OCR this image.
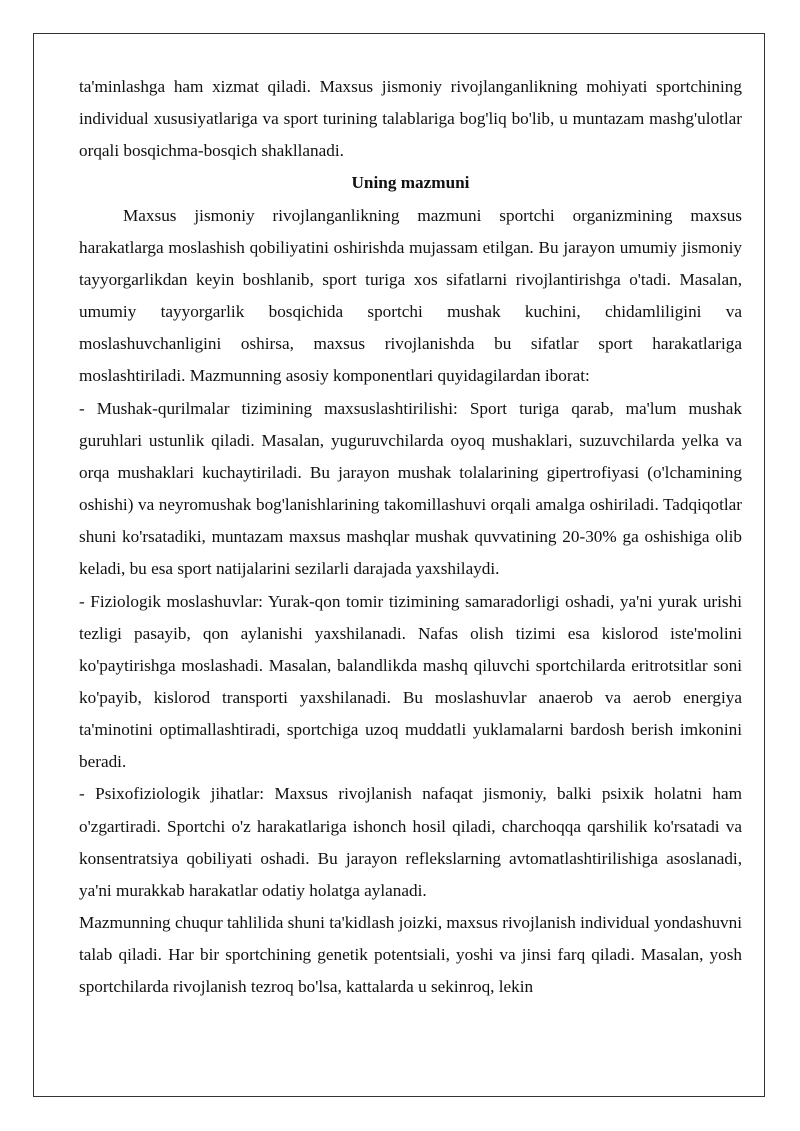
ta'minlashga ham xizmat qiladi. Maxsus jismoniy rivojlanganlikning mohiyati sportchining individual xususiyatlariga va sport turining talablariga bog'liq bo'lib, u muntazam mashg'ulotlar orqali bosqichma-bosqich shakllanadi.

Uning mazmuni

Maxsus jismoniy rivojlanganlikning mazmuni sportchi organizmining maxsus harakatlarga moslashish qobiliyatini oshirishda mujassam etilgan. Bu jarayon umumiy jismoniy tayyorgarlikdan keyin boshlanib, sport turiga xos sifatlarni rivojlantirishga o'tadi. Masalan, umumiy tayyorgarlik bosqichida sportchi mushak kuchini, chidamliligini va moslashuvchanligini oshirsa, maxsus rivojlanishda bu sifatlar sport harakatlariga moslashtiriladi. Mazmunning asosiy komponentlari quyidagilardan iborat:

- Mushak-qurilmalar tizimining maxsuslashtirilishi: Sport turiga qarab, ma'lum mushak guruhlari ustunlik qiladi. Masalan, yuguruvchilarda oyoq mushaklari, suzuvchilarda yelka va orqa mushaklari kuchaytiriladi. Bu jarayon mushak tolalarining gipertrofiyasi (o'lchamining oshishi) va neyromushak bog'lanishlarining takomillashuvi orqali amalga oshiriladi. Tadqiqotlar shuni ko'rsatadiki, muntazam maxsus mashqlar mushak quvvatining 20-30% ga oshishiga olib keladi, bu esa sport natijalarini sezilarli darajada yaxshilaydi.

- Fiziologik moslashuvlar: Yurak-qon tomir tizimining samaradorligi oshadi, ya'ni yurak urishi tezligi pasayib, qon aylanishi yaxshilanadi. Nafas olish tizimi esa kislorod iste'molini ko'paytirishga moslashadi. Masalan, balandlikda mashq qiluvchi sportchilarda eritrotsitlar soni ko'payib, kislorod transporti yaxshilanadi. Bu moslashuvlar anaerob va aerob energiya ta'minotini optimallashtiradi, sportchiga uzoq muddatli yuklamalarni bardosh berish imkonini beradi.

- Psixofiziologik jihatlar: Maxsus rivojlanish nafaqat jismoniy, balki psixik holatni ham o'zgartiradi. Sportchi o'z harakatlariga ishonch hosil qiladi, charchoqqa qarshilik ko'rsatadi va konsentratsiya qobiliyati oshadi. Bu jarayon reflekslarning avtomatlashtirilishiga asoslanadi, ya'ni murakkab harakatlar odatiy holatga aylanadi.

Mazmunning chuqur tahlilida shuni ta'kidlash joizki, maxsus rivojlanish individual yondashuvni talab qiladi. Har bir sportchining genetik potentsiali, yoshi va jinsi farq qiladi. Masalan, yosh sportchilarda rivojlanish tezroq bo'lsa, kattalarda u sekinroq, lekin
